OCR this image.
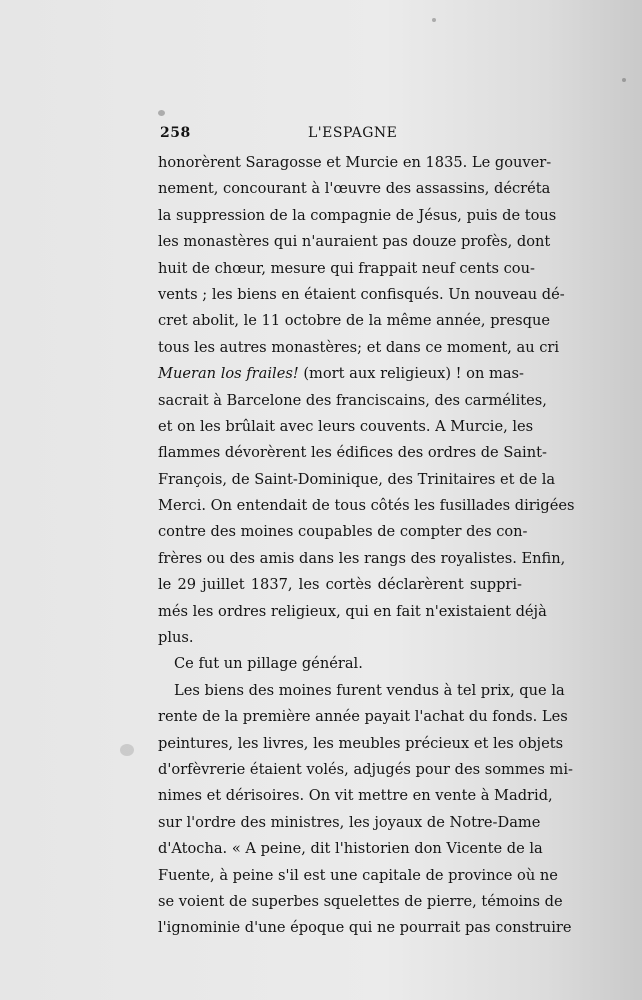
258	L'ESPAGNE
honorèrent Saragosse et Murcie en 1835. Le gouver-
nement, concourant à l'œuvre des assassins, décréta
la suppression de la compagnie de Jésus, puis de tous
les monastères qui n'auraient pas douze profès, dont
huit de chœur, mesure qui frappait neuf cents cou-
vents ; les biens en étaient confisqués. Un nouveau dé-
cret abolit, le 11 octobre de la même année, presque
tous les autres monastères; et dans ce moment, au cri
Mueran los frailes! (mort aux religieux) ! on mas-
sacrait à Barcelone des franciscains, des carmélites,
et on les brûlait avec leurs couvents. A Murcie, les
flammes dévorèrent les édifices des ordres de Saint-
François, de Saint-Dominique, des Trinitaires et de la
Merci. On entendait de tous côtés les fusillades dirigées
contre des moines coupables de compter des con-
frères ou des amis dans les rangs des royalistes. Enfin,
le 29 juillet 1837, les cortès déclarèrent suppri-
més les ordres religieux, qui en fait n'existaient déjà
plus.
Ce fut un pillage général.
Les biens des moines furent vendus à tel prix, que la
rente de la première année payait l'achat du fonds. Les
peintures, les livres, les meubles précieux et les objets
d'orfèvrerie étaient volés, adjugés pour des sommes mi-
nimes et dérisoires. On vit mettre en vente à Madrid,
sur l'ordre des ministres, les joyaux de Notre-Dame
d'Atocha. « A peine, dit l'historien don Vicente de la
Fuente, à peine s'il est une capitale de province où ne
se voient de superbes squelettes de pierre, témoins de
l'ignominie d'une époque qui ne pourrait pas construire
